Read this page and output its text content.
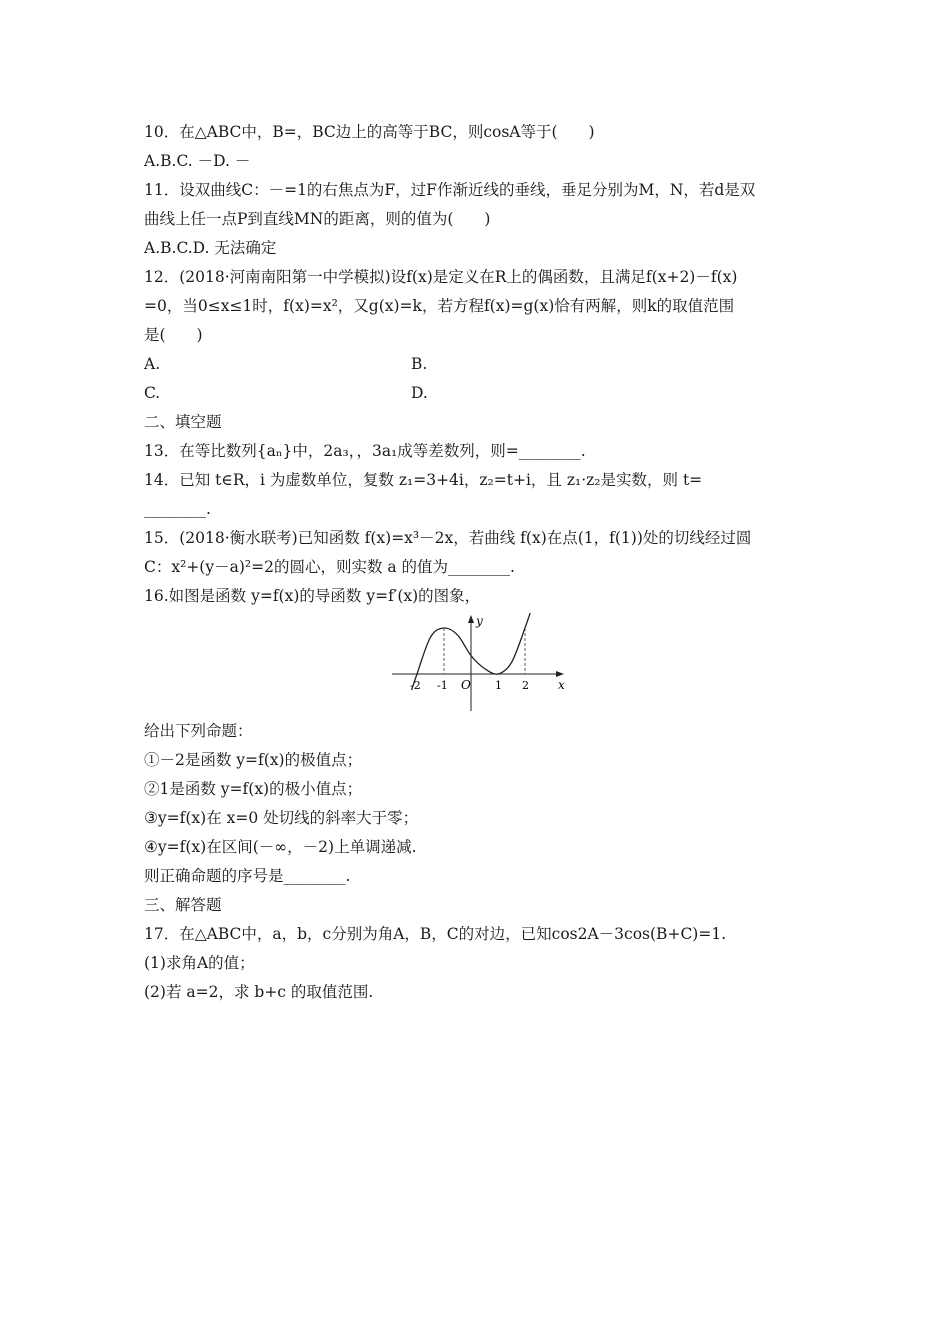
10．在△ABC中，B=，BC边上的高等于BC，则cosA等于(　　)
A.B.C. －D. －
11．设双曲线C：－=1的右焦点为F，过F作渐近线的垂线，垂足分别为M，N，若d是双
曲线上任一点P到直线MN的距离，则的值为(　　)
A.B.C.D. 无法确定
12．(2018·河南南阳第一中学模拟)设f(x)是定义在R上的偶函数，且满足f(x+2)－f(x)
=0，当0≤x≤1时，f(x)=x²，又g(x)=k，若方程f(x)=g(x)恰有两解，则k的取值范围
是(　　)
A.	B.
C.	D.
二、填空题
13．在等比数列{aₙ}中，2a₃，，3a₁成等差数列，则=________.
14．已知 t∈R，i 为虚数单位，复数 z₁=3+4i，z₂=t+i，且 z₁·z₂是实数，则 t=
________.
15．(2018·衡水联考)已知函数 f(x)=x³－2x，若曲线 f(x)在点(1，f(1))处的切线经过圆
C：x²+(y－a)²=2的圆心，则实数 a 的值为________.
16.如图是函数 y=f(x)的导函数 y=f′(x)的图象，
x
y
O
-2 -1	1 2
给出下列命题：
①－2是函数 y=f(x)的极值点；
②1是函数 y=f(x)的极小值点；
③y=f(x)在 x=0 处切线的斜率大于零；
④y=f(x)在区间(－∞，－2)上单调递减.
则正确命题的序号是________.
三、解答题
17．在△ABC中，a，b，c分别为角A，B，C的对边，已知cos2A－3cos(B+C)=1.
(1)求角A的值；
(2)若 a=2，求 b+c 的取值范围.
